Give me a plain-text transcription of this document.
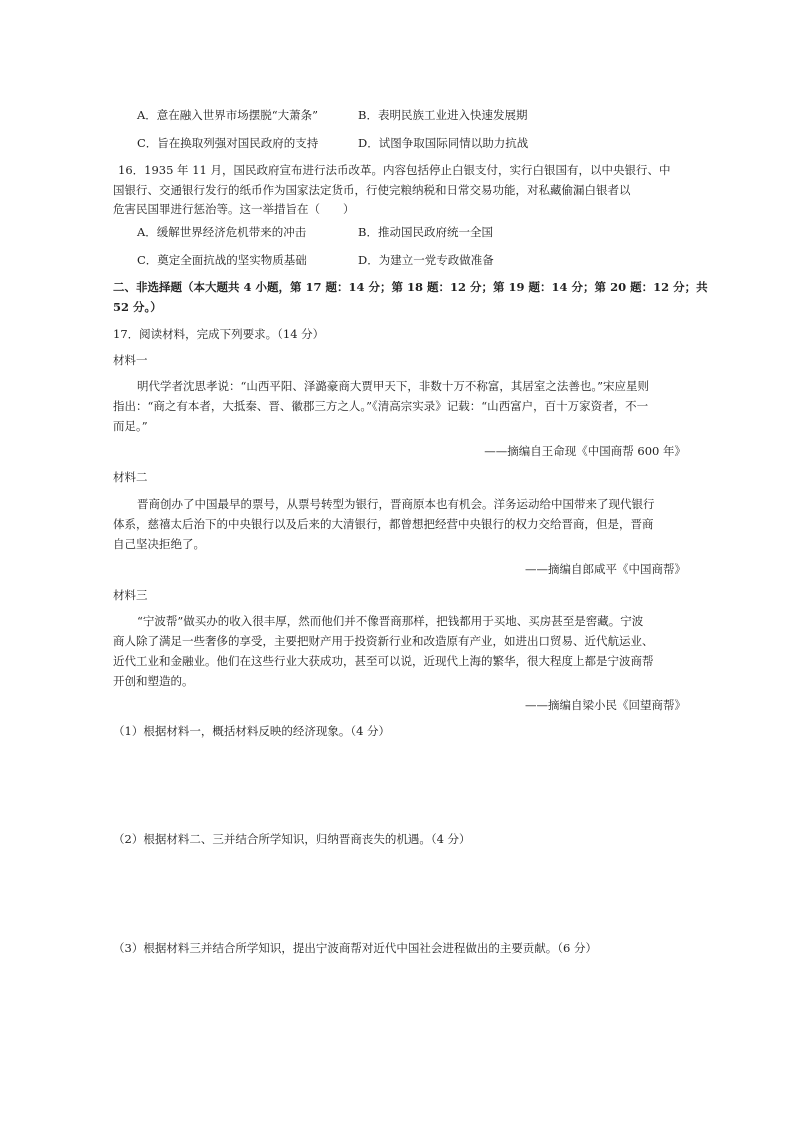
A．意在融入世界市场摆脱“大萧条”	B．表明民族工业进入快速发展期
C．旨在换取列强对国民政府的支持	D．试图争取国际同情以助力抗战
16．1935 年 11 月，国民政府宣布进行法币改革。内容包括停止白银支付，实行白银国有，以中央银行、中
国银行、交通银行发行的纸币作为国家法定货币，行使完粮纳税和日常交易功能，对私藏偷漏白银者以
危害民国罪进行惩治等。这一举措旨在（　　）
A．缓解世界经济危机带来的冲击	B．推动国民政府统一全国
C．奠定全面抗战的坚实物质基础	D．为建立一党专政做准备
二、非选择题（本大题共 4 小题，第 17 题：14 分；第 18 题：12 分；第 19 题：14 分；第 20 题：12 分；共
52 分。）
17．阅读材料，完成下列要求。（14 分）
材料一
明代学者沈思孝说：“山西平阳、泽潞豪商大贾甲天下，非数十万不称富，其居室之法善也。”宋应星则
指出：“商之有本者，大抵秦、晋、徽郡三方之人。”《清高宗实录》记载：“山西富户，百十万家资者，不一
而足。”
——摘编自王命现《中国商帮 600 年》
材料二
晋商创办了中国最早的票号，从票号转型为银行，晋商原本也有机会。洋务运动给中国带来了现代银行
体系，慈禧太后治下的中央银行以及后来的大清银行，都曾想把经营中央银行的权力交给晋商，但是，晋商
自己坚决拒绝了。
——摘编自郎咸平《中国商帮》
材料三
“宁波帮”做买办的收入很丰厚，然而他们并不像晋商那样，把钱都用于买地、买房甚至是窖藏。宁波
商人除了满足一些奢侈的享受，主要把财产用于投资新行业和改造原有产业，如进出口贸易、近代航运业、
近代工业和金融业。他们在这些行业大获成功，甚至可以说，近现代上海的繁华，很大程度上都是宁波商帮
开创和塑造的。
——摘编自梁小民《回望商帮》
（1）根据材料一，概括材料反映的经济现象。（4 分）
（2）根据材料二、三并结合所学知识，归纳晋商丧失的机遇。（4 分）
（3）根据材料三并结合所学知识，提出宁波商帮对近代中国社会进程做出的主要贡献。（6 分）
